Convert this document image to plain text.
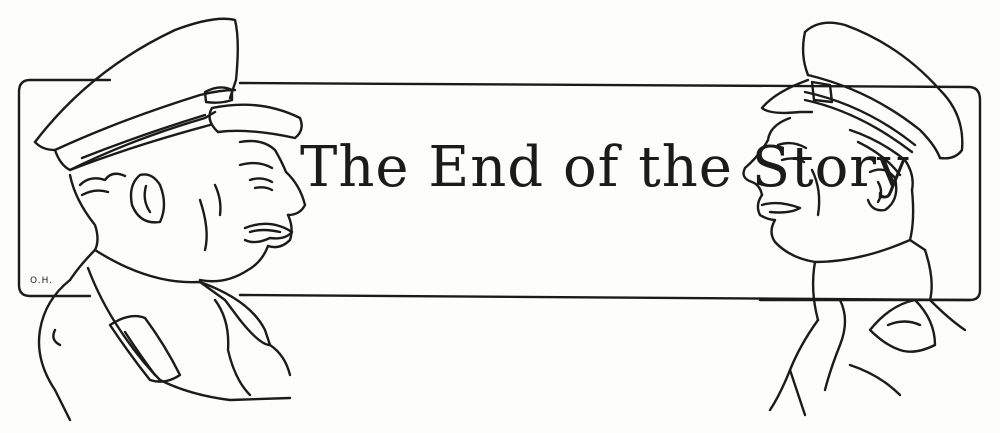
The End of the Story
O.H.
